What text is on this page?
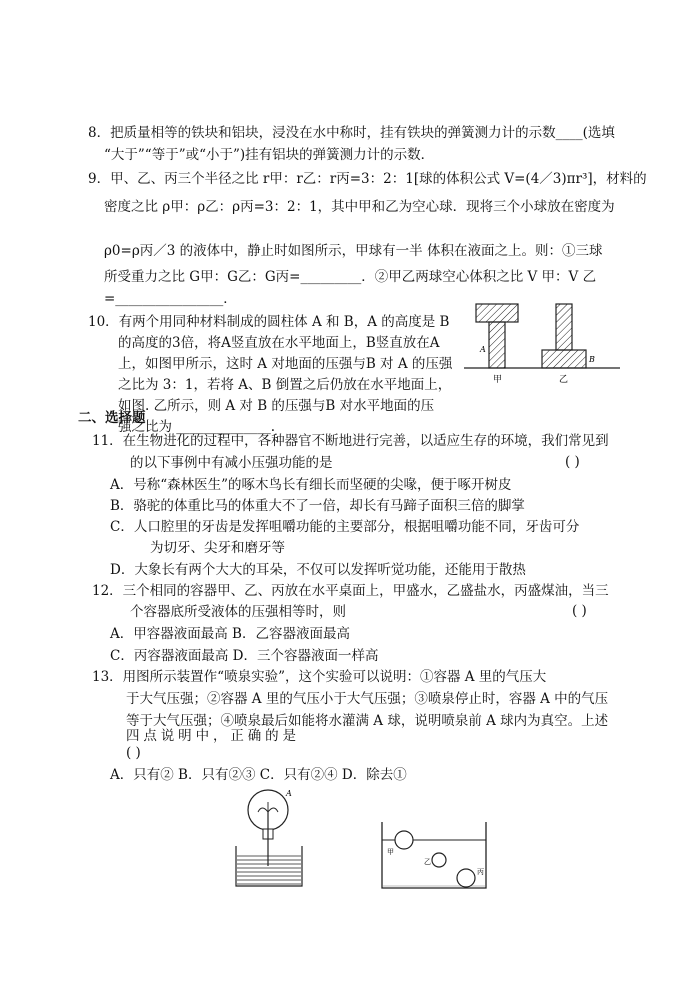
8．把质量相等的铁块和铝块，浸没在水中称时，挂有铁块的弹簧测力计的示数____(选填
“大于”“等于”或“小于”)挂有铝块的弹簧测力计的示数．
9．甲、乙、丙三个半径之比 r甲：r乙：r丙=3：2：1[球的体积公式 V=(4／3)πr³]，材料的
密度之比 ρ甲：ρ乙：ρ丙=3：2：1，其中甲和乙为空心球．现将三个小球放在密度为
ρ0=ρ丙／3 的液体中，静止时如图所示，甲球有一半 体积在液面之上。则：①三球
所受重力之比 G甲：G乙：G丙=_________．②甲乙两球空心体积之比 V 甲：V 乙
=________________．
10．有两个用同种材料制成的圆柱体 A 和 B，A 的高度是 B
的高度的3倍，将A竖直放在水平地面上，B竖直放在A
上，如图甲所示，这时 A 对地面的压强与B 对 A 的压强
之比为 3：1，若将 A、B 倒置之后仍放在水平地面上，
如图. 乙所示，则 A 对 B 的压强与B 对水平地面的压
强之比为 ______________.
A
B
甲	乙
二、选择题
11．在生物进化的过程中，各种器官不断地进行完善，以适应生存的环境，我们常见到
的以下事例中有减小压强功能的是	( )
A．号称“森林医生”的啄木鸟长有细长而坚硬的尖喙，便于啄开树皮
B．骆驼的体重比马的体重大不了一倍，却长有马蹄子面积三倍的脚掌
C．人口腔里的牙齿是发挥咀嚼功能的主要部分，根据咀嚼功能不同，牙齿可分
为切牙、尖牙和磨牙等
D．大象长有两个大大的耳朵，不仅可以发挥听觉功能，还能用于散热
12．三个相同的容器甲、乙、丙放在水平桌面上，甲盛水，乙盛盐水，丙盛煤油，当三
个容器底所受液体的压强相等时，则	( )
A．甲容器液面最高 B．乙容器液面最高
C．丙容器液面最高 D．三个容器液面一样高
13．用图所示装置作“喷泉实验”，这个实验可以说明：①容器 A 里的气压大
于大气压强；②容器 A 里的气压小于大气压强；③喷泉停止时，容器 A 中的气压
等于大气压强；④喷泉最后如能将水灌满 A 球，说明喷泉前 A 球内为真空。上述
四 点 说 明 中 ， 正 确 的 是
( )
A．只有② B．只有②③ C．只有②④ D．除去①
A
甲
乙
丙
